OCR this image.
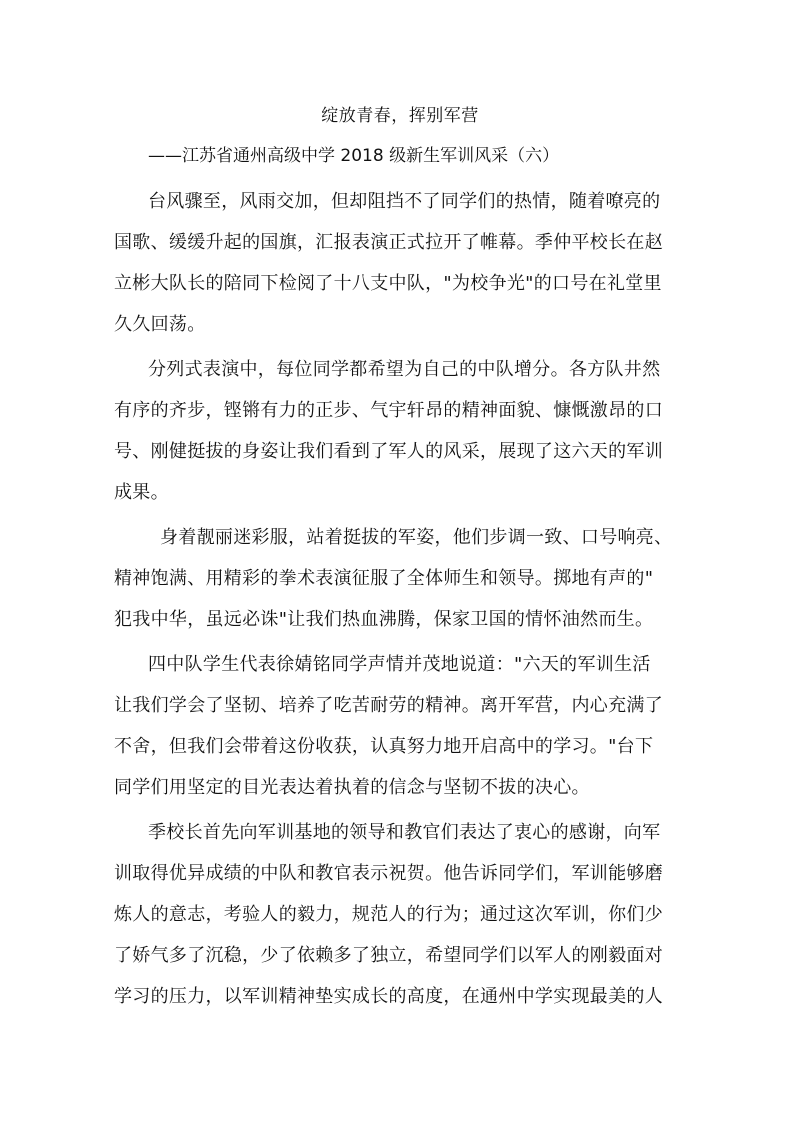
绽放青春，挥别军营
——江苏省通州高级中学 2018 级新生军训风采（六）
台风骤至，风雨交加，但却阻挡不了同学们的热情，随着嘹亮的
国歌、缓缓升起的国旗，汇报表演正式拉开了帷幕。季仲平校长在赵
立彬大队长的陪同下检阅了十八支中队，"为校争光"的口号在礼堂里
久久回荡。
分列式表演中，每位同学都希望为自己的中队增分。各方队井然
有序的齐步，铿锵有力的正步、气宇轩昂的精神面貌、慷慨激昂的口
号、刚健挺拔的身姿让我们看到了军人的风采，展现了这六天的军训
成果。
身着靓丽迷彩服，站着挺拔的军姿，他们步调一致、口号响亮、
精神饱满、用精彩的拳术表演征服了全体师生和领导。掷地有声的"
犯我中华，虽远必诛"让我们热血沸腾，保家卫国的情怀油然而生。
四中队学生代表徐婧铭同学声情并茂地说道："六天的军训生活
让我们学会了坚韧、培养了吃苦耐劳的精神。离开军营，内心充满了
不舍，但我们会带着这份收获，认真努力地开启高中的学习。"台下
同学们用坚定的目光表达着执着的信念与坚韧不拔的决心。
季校长首先向军训基地的领导和教官们表达了衷心的感谢，向军
训取得优异成绩的中队和教官表示祝贺。他告诉同学们，军训能够磨
炼人的意志，考验人的毅力，规范人的行为；通过这次军训，你们少
了娇气多了沉稳，少了依赖多了独立，希望同学们以军人的刚毅面对
学习的压力，以军训精神垫实成长的高度，在通州中学实现最美的人
